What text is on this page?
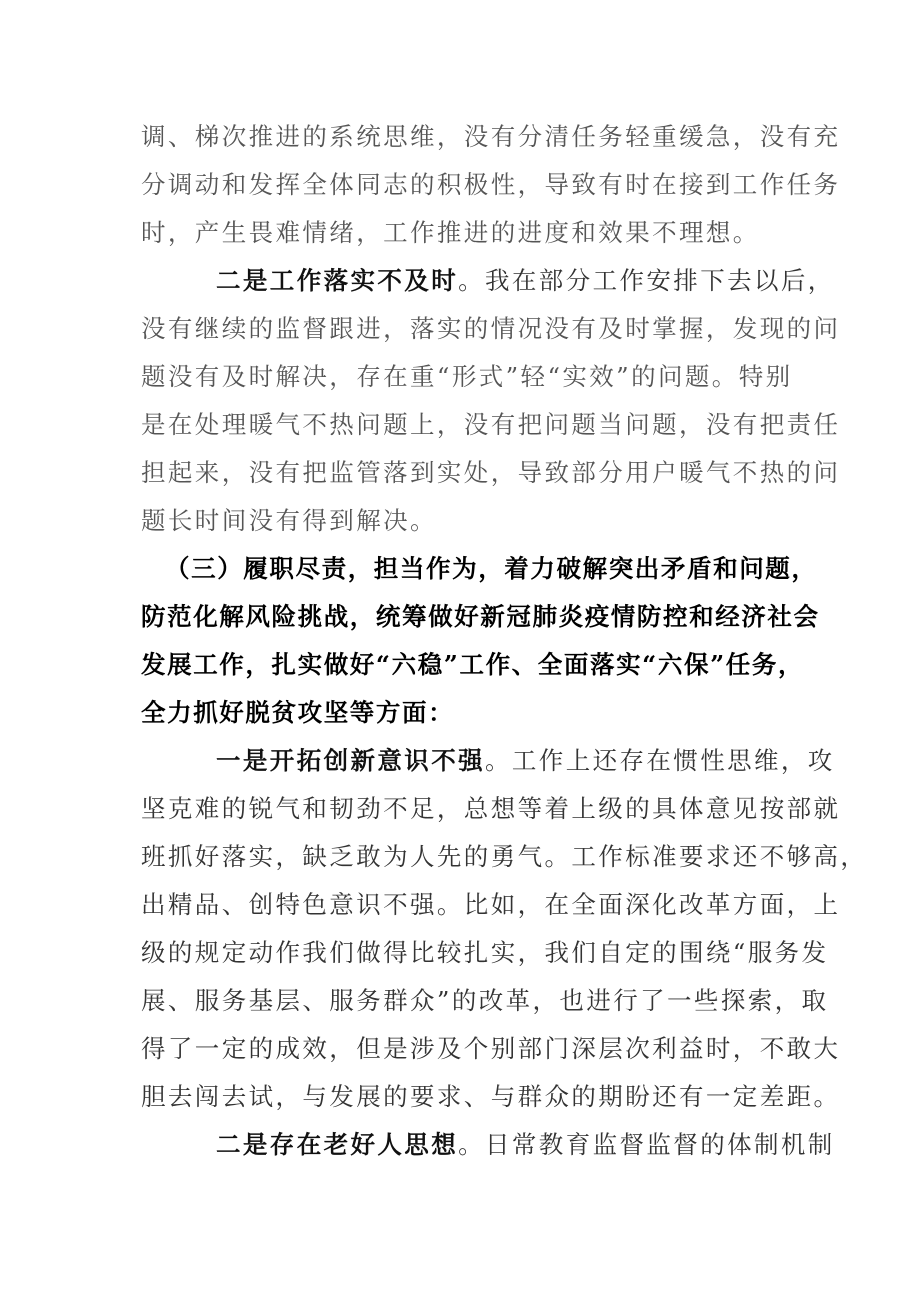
调、梯次推进的系统思维，没有分清任务轻重缓急，没有充
分调动和发挥全体同志的积极性，导致有时在接到工作任务
时，产生畏难情绪，工作推进的进度和效果不理想。
二是工作落实不及时。我在部分工作安排下去以后，
没有继续的监督跟进，落实的情况没有及时掌握，发现的问
题没有及时解决，存在重“形式”轻“实效”的问题。特别
是在处理暖气不热问题上，没有把问题当问题，没有把责任
担起来，没有把监管落到实处，导致部分用户暖气不热的问
题长时间没有得到解决。
（三）履职尽责，担当作为，着力破解突出矛盾和问题，
防范化解风险挑战，统筹做好新冠肺炎疫情防控和经济社会
发展工作，扎实做好“六稳”工作、全面落实“六保”任务，
全力抓好脱贫攻坚等方面：
一是开拓创新意识不强。工作上还存在惯性思维，攻
坚克难的锐气和韧劲不足，总想等着上级的具体意见按部就
班抓好落实，缺乏敢为人先的勇气。工作标准要求还不够高，
出精品、创特色意识不强。比如，在全面深化改革方面，上
级的规定动作我们做得比较扎实，我们自定的围绕“服务发
展、服务基层、服务群众”的改革，也进行了一些探索，取
得了一定的成效，但是涉及个别部门深层次利益时，不敢大
胆去闯去试，与发展的要求、与群众的期盼还有一定差距。
二是存在老好人思想。日常教育监督监督的体制机制
